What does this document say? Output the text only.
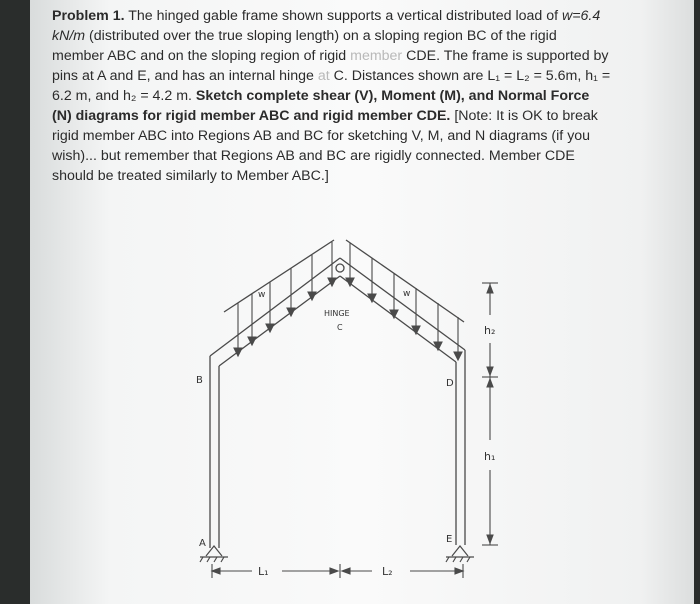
Problem 1. The hinged gable frame shown supports a vertical distributed load of w=6.4 kN/m (distributed over the true sloping length) on a sloping region BC of the rigid member ABC and on the sloping region of rigid member CDE. The frame is supported by pins at A and E, and has an internal hinge at C. Distances shown are L₁ = L₂ = 5.6m, h₁ = 6.2 m, and h₂ = 4.2 m. Sketch complete shear (V), Moment (M), and Normal Force (N) diagrams for rigid member ABC and rigid member CDE. [Note: It is OK to break rigid member ABC into Regions AB and BC for sketching V, M, and N diagrams (if you wish)... but remember that Regions AB and BC are rigidly connected. Member CDE should be treated similarly to Member ABC.]
B
A
D
E
HINGE
C
w	w
L₁	L₂
h₁
h₂
